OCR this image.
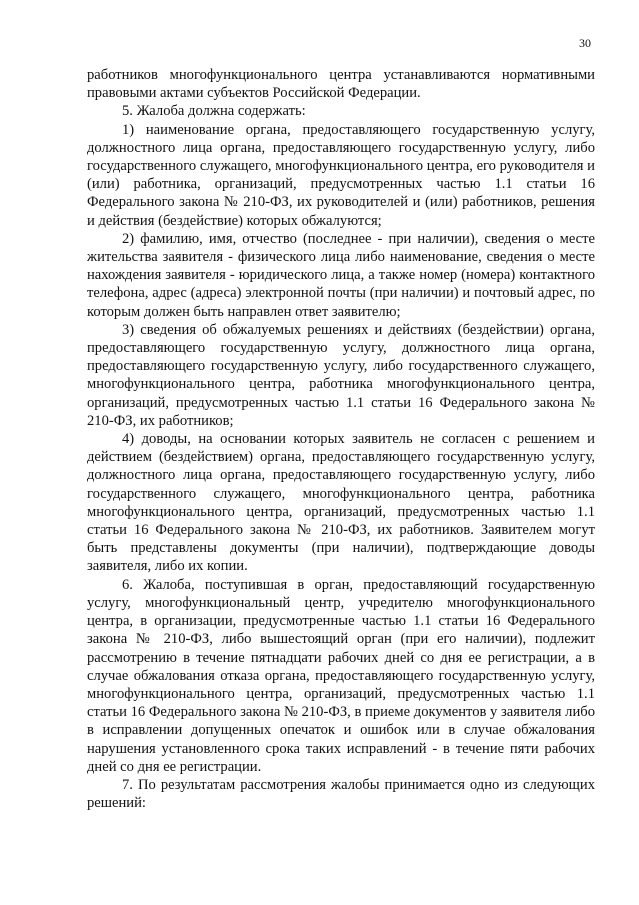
30

работников многофункционального центра устанавливаются нормативными правовыми актами субъектов Российской Федерации.

5. Жалоба должна содержать:

1) наименование органа, предоставляющего государственную услугу, должностного лица органа, предоставляющего государственную услугу, либо государственного служащего, многофункционального центра, его руководителя и (или) работника, организаций, предусмотренных частью 1.1 статьи 16 Федерального закона № 210-ФЗ, их руководителей и (или) работников, решения и действия (бездействие) которых обжалуются;

2) фамилию, имя, отчество (последнее - при наличии), сведения о месте жительства заявителя - физического лица либо наименование, сведения о месте нахождения заявителя - юридического лица, а также номер (номера) контактного телефона, адрес (адреса) электронной почты (при наличии) и почтовый адрес, по которым должен быть направлен ответ заявителю;

3) сведения об обжалуемых решениях и действиях (бездействии) органа, предоставляющего государственную услугу, должностного лица органа, предоставляющего государственную услугу, либо государственного служащего, многофункционального центра, работника многофункционального центра, организаций, предусмотренных частью 1.1 статьи 16 Федерального закона № 210-ФЗ, их работников;

4) доводы, на основании которых заявитель не согласен с решением и действием (бездействием) органа, предоставляющего государственную услугу, должностного лица органа, предоставляющего государственную услугу, либо государственного служащего, многофункционального центра, работника многофункционального центра, организаций, предусмотренных частью 1.1 статьи 16 Федерального закона № 210-ФЗ, их работников. Заявителем могут быть представлены документы (при наличии), подтверждающие доводы заявителя, либо их копии.

6. Жалоба, поступившая в орган, предоставляющий государственную услугу, многофункциональный центр, учредителю многофункционального центра, в организации, предусмотренные частью 1.1 статьи 16 Федерального закона № 210-ФЗ, либо вышестоящий орган (при его наличии), подлежит рассмотрению в течение пятнадцати рабочих дней со дня ее регистрации, а в случае обжалования отказа органа, предоставляющего государственную услугу, многофункционального центра, организаций, предусмотренных частью 1.1 статьи 16 Федерального закона № 210-ФЗ, в приеме документов у заявителя либо в исправлении допущенных опечаток и ошибок или в случае обжалования нарушения установленного срока таких исправлений - в течение пяти рабочих дней со дня ее регистрации.

7. По результатам рассмотрения жалобы принимается одно из следующих решений:
